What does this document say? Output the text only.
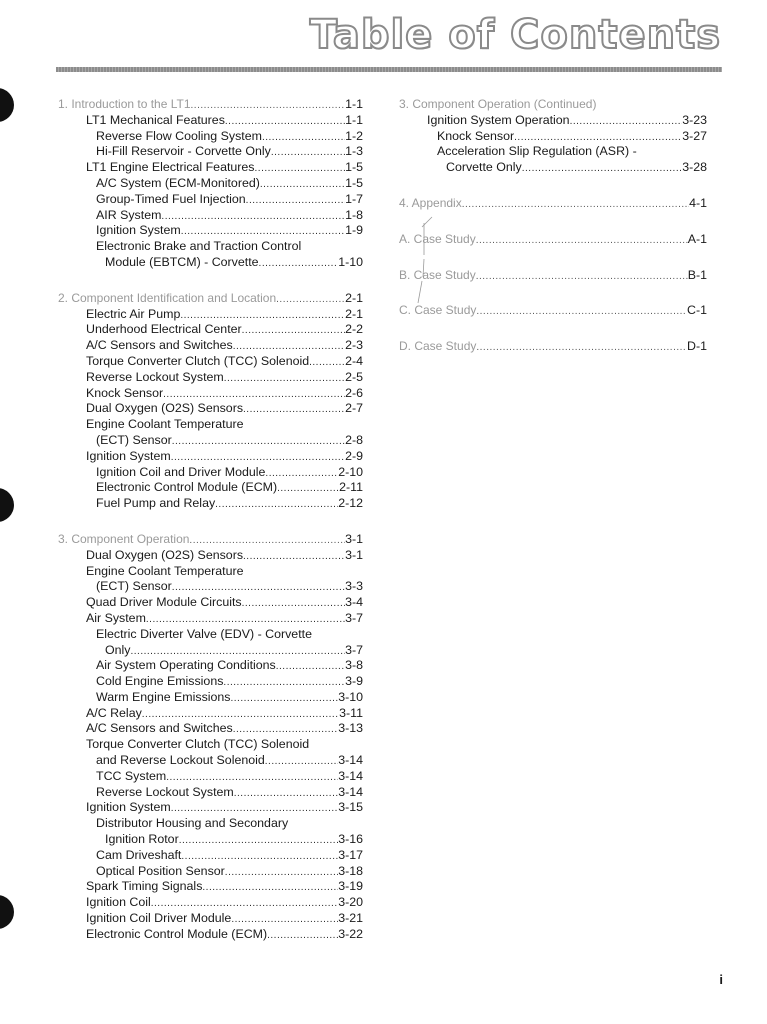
Table of Contents
1. Introduction to the LT1 .....	1-1
LT1 Mechanical Features .....	1-1
Reverse Flow Cooling System .....	1-2
Hi-Fill Reservoir - Corvette Only .....	1-3
LT1 Engine Electrical Features .....	1-5
A/C System (ECM-Monitored) .....	1-5
Group-Timed Fuel Injection .....	1-7
AIR System .....	1-8
Ignition System .....	1-9
Electronic Brake and Traction Control
Module (EBTCM) - Corvette .....	1-10
2. Component Identification and Location .....	2-1
Electric Air Pump .....	2-1
Underhood Electrical Center .....	2-2
A/C Sensors and Switches .....	2-3
Torque Converter Clutch (TCC) Solenoid .....	2-4
Reverse Lockout System .....	2-5
Knock Sensor .....	2-6
Dual Oxygen (O2S) Sensors .....	2-7
Engine Coolant Temperature
(ECT) Sensor .....	2-8
Ignition System .....	2-9
Ignition Coil and Driver Module .....	2-10
Electronic Control Module (ECM) .....	2-11
Fuel Pump and Relay .....	2-12
3. Component Operation .....	3-1
Dual Oxygen (O2S) Sensors .....	3-1
Engine Coolant Temperature
(ECT) Sensor .....	3-3
Quad Driver Module Circuits .....	3-4
Air System .....	3-7
Electric Diverter Valve (EDV) - Corvette
Only .....	3-7
Air System Operating Conditions .....	3-8
Cold Engine Emissions .....	3-9
Warm Engine Emissions .....	3-10
A/C Relay .....	3-11
A/C Sensors and Switches .....	3-13
Torque Converter Clutch (TCC) Solenoid
and Reverse Lockout Solenoid .....	3-14
TCC System .....	3-14
Reverse Lockout System .....	3-14
Ignition System .....	3-15
Distributor Housing and Secondary
Ignition Rotor .....	3-16
Cam Driveshaft .....	3-17
Optical Position Sensor .....	3-18
Spark Timing Signals .....	3-19
Ignition Coil .....	3-20
Ignition Coil Driver Module .....	3-21
Electronic Control Module (ECM) .....	3-22
3. Component Operation (Continued)
Ignition System Operation .....	3-23
Knock Sensor .....	3-27
Acceleration Slip Regulation (ASR) -
Corvette Only .....	3-28
4. Appendix .....	4-1
A. Case Study .....	A-1
B. Case Study .....	B-1
C. Case Study .....	C-1
D. Case Study .....	D-1
i
